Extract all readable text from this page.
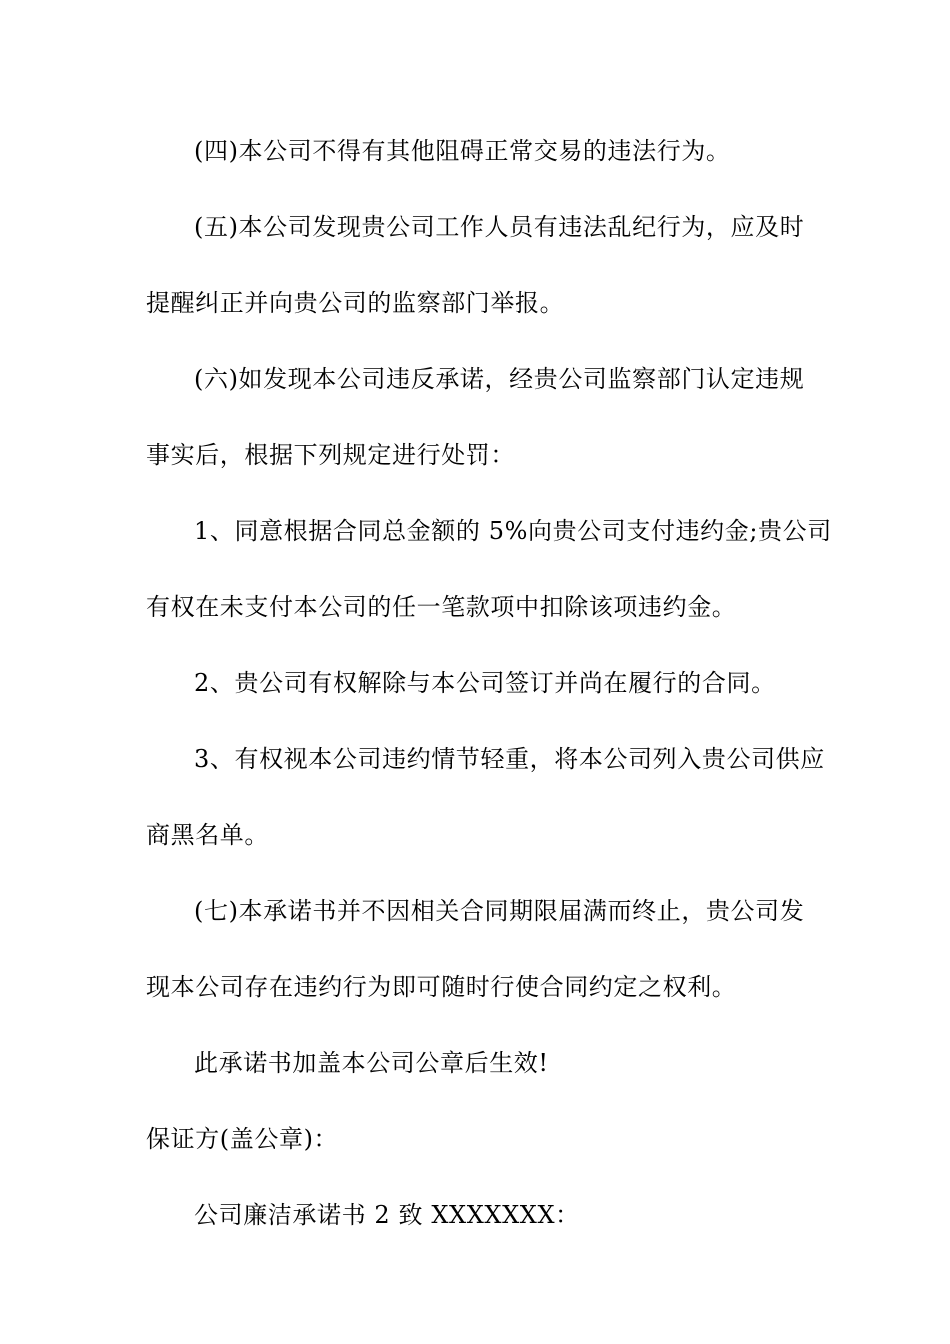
(四)本公司不得有其他阻碍正常交易的违法行为。
(五)本公司发现贵公司工作人员有违法乱纪行为，应及时
提醒纠正并向贵公司的监察部门举报。
(六)如发现本公司违反承诺，经贵公司监察部门认定违规
事实后，根据下列规定进行处罚：
1、同意根据合同总金额的 5%向贵公司支付违约金;贵公司
有权在未支付本公司的任一笔款项中扣除该项违约金。
2、贵公司有权解除与本公司签订并尚在履行的合同。
3、有权视本公司违约情节轻重，将本公司列入贵公司供应
商黑名单。
(七)本承诺书并不因相关合同期限届满而终止，贵公司发
现本公司存在违约行为即可随时行使合同约定之权利。
此承诺书加盖本公司公章后生效!
保证方(盖公章)：
公司廉洁承诺书 2 致 XXXXXXX：
